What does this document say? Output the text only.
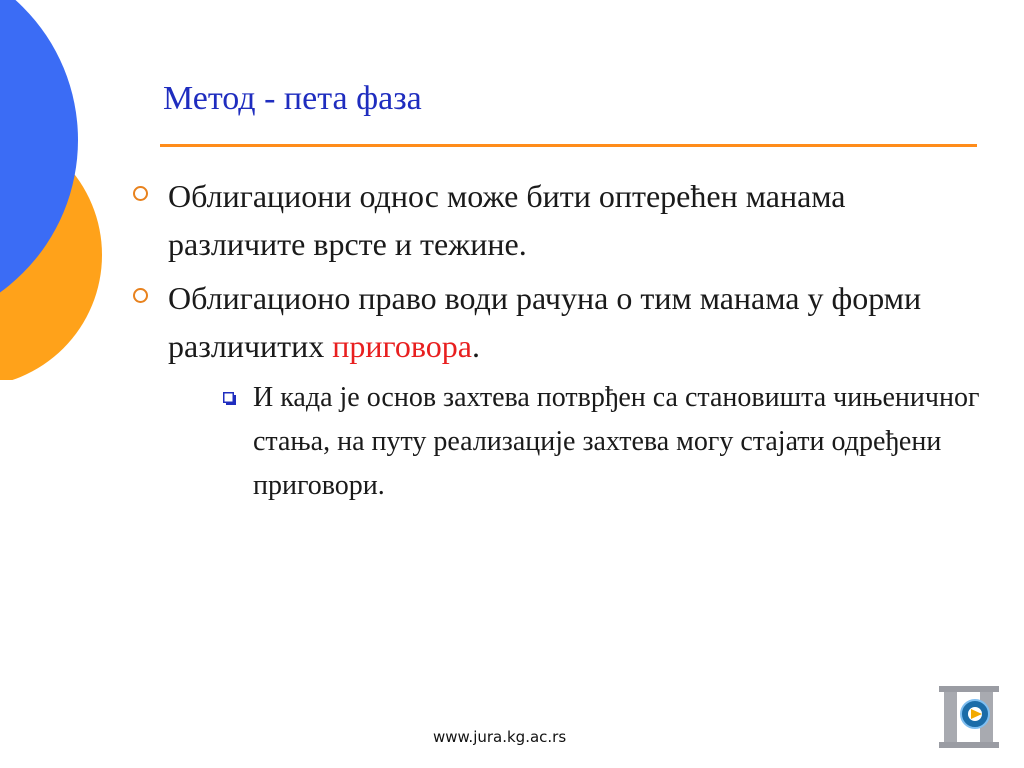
Метод - пета фаза
Облигациони однос може бити оптерећен манама различите врсте и тежине.
Облигационо право води рачуна о тим манама у форми различитих приговора.
И када је основ захтева потврђен са становишта чињеничног стања, на путу реализације захтева могу стајати одређени приговори.
www.jura.kg.ac.rs
